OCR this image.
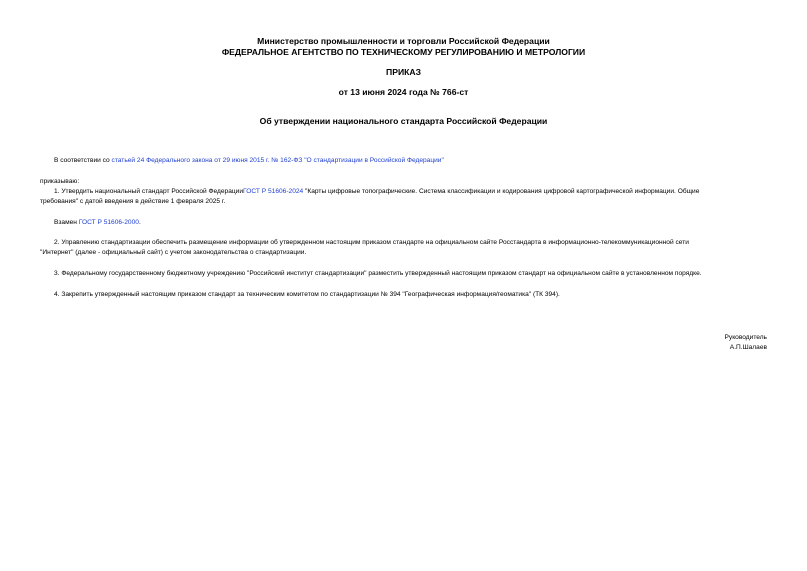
Министерство промышленности и торговли Российской Федерации
ФЕДЕРАЛЬНОЕ АГЕНТСТВО ПО ТЕХНИЧЕСКОМУ РЕГУЛИРОВАНИЮ И МЕТРОЛОГИИ
ПРИКАЗ
от 13 июня 2024 года № 766-ст
Об утверждении национального стандарта Российской Федерации
В соответствии со статьей 24 Федерального закона от 29 июня 2015 г. № 162-ФЗ "О стандартизации в Российской Федерации"
приказываю:
1. Утвердить национальный стандарт Российской ФедерацииГОСТ Р 51606-2024 "Карты цифровые топографические. Система классификации и кодирования цифровой картографической информации. Общие
требования" с датой введения в действие 1 февраля 2025 г.
Взамен ГОСТ Р 51606-2000.
2. Управлению стандартизации обеспечить размещение информации об утвержденном настоящим приказом стандарте на официальном сайте Росстандарта в информационно-телекоммуникационной сети
"Интернет" (далее - официальный сайт) с учетом законодательства о стандартизации.
3. Федеральному государственному бюджетному учреждению "Российский институт стандартизации" разместить утвержденный настоящим приказом стандарт на официальном сайте в установленном порядке.
4. Закрепить утвержденный настоящим приказом стандарт за техническим комитетом по стандартизации № 394 "Географическая информация/геоматика" (ТК 394).
Руководитель
А.П.Шалаев
